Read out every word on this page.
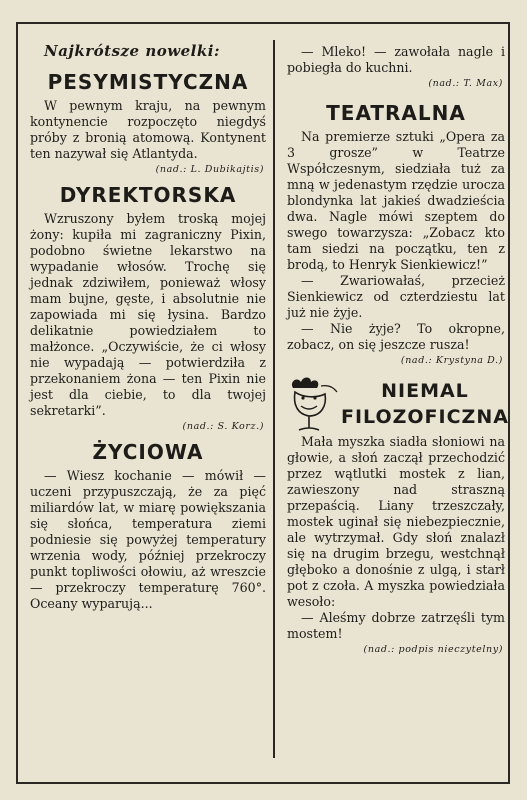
Najkrótsze nowelki:
PESYMISTYCZNA

W pewnym kraju, na pewnym kontynencie rozpoczęto niegdyś próby z bronią atomową. Kontynent ten nazywał się Atlantyda.

(nad.: L. Dubikajtis)
DYREKTORSKA

Wzruszony byłem troską mojej żony: kupiła mi zagraniczny Pixin, podobno świetne lekarstwo na wypadanie włosów. Trochę się jednak zdziwiłem, ponieważ włosy mam bujne, gęste, i absolutnie nie zapowiada mi się łysina. Bardzo delikatnie powiedziałem to małżonce. „Oczywiście, że ci włosy nie wypadają — potwierdziła z przekonaniem żona — ten Pixin nie jest dla ciebie, to dla twojej sekretarki”.

(nad.: S. Korz.)
ŻYCIOWA

— Wiesz kochanie — mówił — uczeni przypuszczają, że za pięć miliardów lat, w miarę powiększania się słońca, temperatura ziemi podniesie się powyżej temperatury wrzenia wody, później przekroczy punkt topliwości ołowiu, aż wreszcie — przekroczy temperaturę 760°. Oceany wyparują...

— Mleko! — zawołała nagle i pobiegła do kuchni.

(nad.: T. Max)
TEATRALNA

Na premierze sztuki „Opera za 3 grosze” w Teatrze Współczesnym, siedziała tuż za mną w jedenastym rzędzie urocza blondynka lat jakieś dwadzieścia dwa. Nagle mówi szeptem do swego towarzysza: „Zobacz kto tam siedzi na początku, ten z brodą, to Henryk Sienkiewicz!”

— Zwariowałaś, przecież Sienkiewicz od czterdziestu lat już nie żyje.

— Nie żyje? To okropne, zobacz, on się jeszcze rusza!

(nad.: Krystyna D.)
NIEMAL
FILOZOFICZNA

Mała myszka siadła słoniowi na głowie, a słoń zaczął przechodzić przez wątlutki mostek z lian, zawieszony nad straszną przepaścią. Liany trzeszczały, mostek uginał się niebezpiecznie, ale wytrzymał. Gdy słoń znalazł się na drugim brzegu, westchnął głęboko a donośnie z ulgą, i starł pot z czoła. A myszka powiedziała wesoło:

— Aleśmy dobrze zatrzęśli tym mostem!

(nad.: podpis nieczytelny)
